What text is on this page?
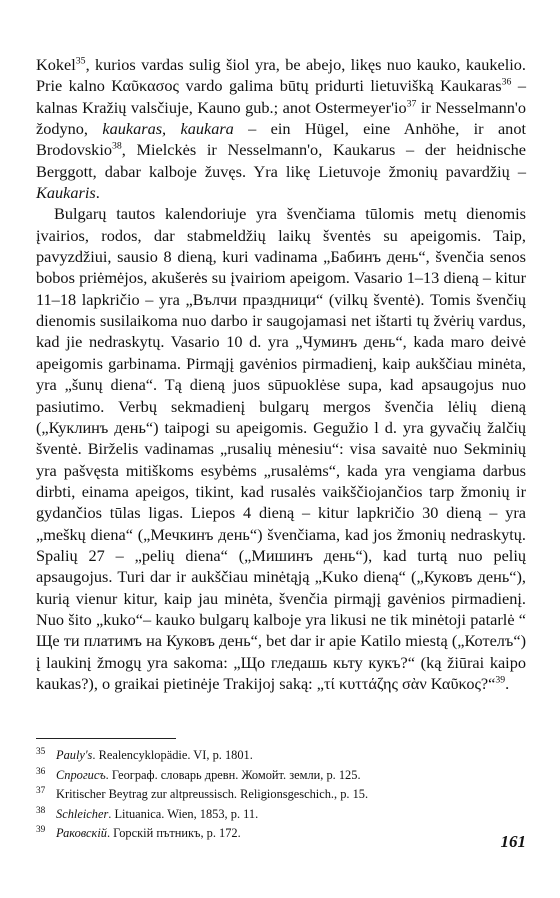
Kokel$^{35}$, kurios vardas sulig šiol yra, be abejo, likęs nuo kauko, kaukelio. Prie kalno Καῦκασος vardo galima būtų pridurti lietuvišką Kaukaras$^{36}$ – kalnas Kražių valsčiuje, Kauno gub.; anot $Ostermeyer'io^{37}$ ir Nesselmann'o žodyno, kaukaras, kaukara – ein Hügel, eine Anhöhe, ir anot Brodovskio$^{38}$, Mielckės ir Nesselmann'o, Kaukarus – der heidnische Berggott, dabar kalboje žuvęs. Yra likę Lietuvoje žmonių pavardžių – Kaukaris.

Bulgarų tautos kalendoriuje yra švenčiama tūlomis metų dienomis įvairios, rodos, dar stabmeldžių laikų šventės su apeigomis. Taip, pavyzdžiui, sausio 8 dieną, kuri vadinama „Бабинъ день“, švenčia senos bobos priėmėjos, akušerės su įvairiom apeigom. Vasario 1–13 dieną – kitur 11–18 lapkričio – yra „Вълчи праздници“ (vilkų šventė). Tomis švenčių dienomis susilaikoma nuo darbo ir saugojamasi net ištarti tų žvėrių vardus, kad jie nedraskytų. Vasario 10 d. yra „Чуминъ день“, kada maro deivė apeigomis garbinama. Pirmąjį gavėnios pirmadienį, kaip aukščiau minėta, yra „šunų diena“. Tą dieną juos sūpuoklėse supa, kad apsaugojus nuo pasiutimo. Verbų sekmadienį bulgarų mergos švenčia lėlių dieną („Куклинъ день“) taipogi su apeigomis. Gegužio l d. yra gyvačių žalčių šventė. Birželis vadinamas „rusalių mėnesiu“: visa savaitė nuo Sekminių yra pašvęsta mitiškoms esybėms „rusalėms“, kada yra vengiama darbus dirbti, einama apeigos, tikint, kad rusalės vaikščiojančios tarp žmonių ir gydančios tūlas ligas. Liepos 4 dieną – kitur lapkričio 30 dieną – yra „meškų diena“ („Мечкинъ день“) švenčiama, kad jos žmonių nedraskytų. Spalių 27 – „pelių diena“ („Мишинъ день“), kad turtą nuo pelių apsaugojus. Turi dar ir aukščiau minėtąją „Kuko dieną“ („Куковъ день“), kurią vienur kitur, kaip jau minėta, švenčia pirmąjį gavėnios pirmadienį. Nuo šito „kuko“– kauko bulgarų kalboje yra likusi ne tik minėtoji patarlė “ Ще ти платимъ на Куковъ день“, bet dar ir apie Katilo miestą („Котелъ“) į laukinį žmogų yra sakoma: „Що гледашь кьту кукъ?“ (ką žiūrai kaipo kaukas?), o graikai pietinėje Trakijoj saką: „τί κυττάζης σὰν Καῦκος?“$^{39}$.

$^{35}$ Pauly's. Realencyklopädie. VI, p. 1801.
$^{36}$ Спрогисъ. Географ. словарь древн. Жомойт. земли, p. 125.
$^{37}$ Kritischer Beytrag zur altpreussisch. Religionsgeschich., p. 15.
$^{38}$ Schleicher. Lituanica. Wien, 1853, p. 11.
$^{39}$ Раковскiй. Горскiй пътникъ, p. 172.	161
